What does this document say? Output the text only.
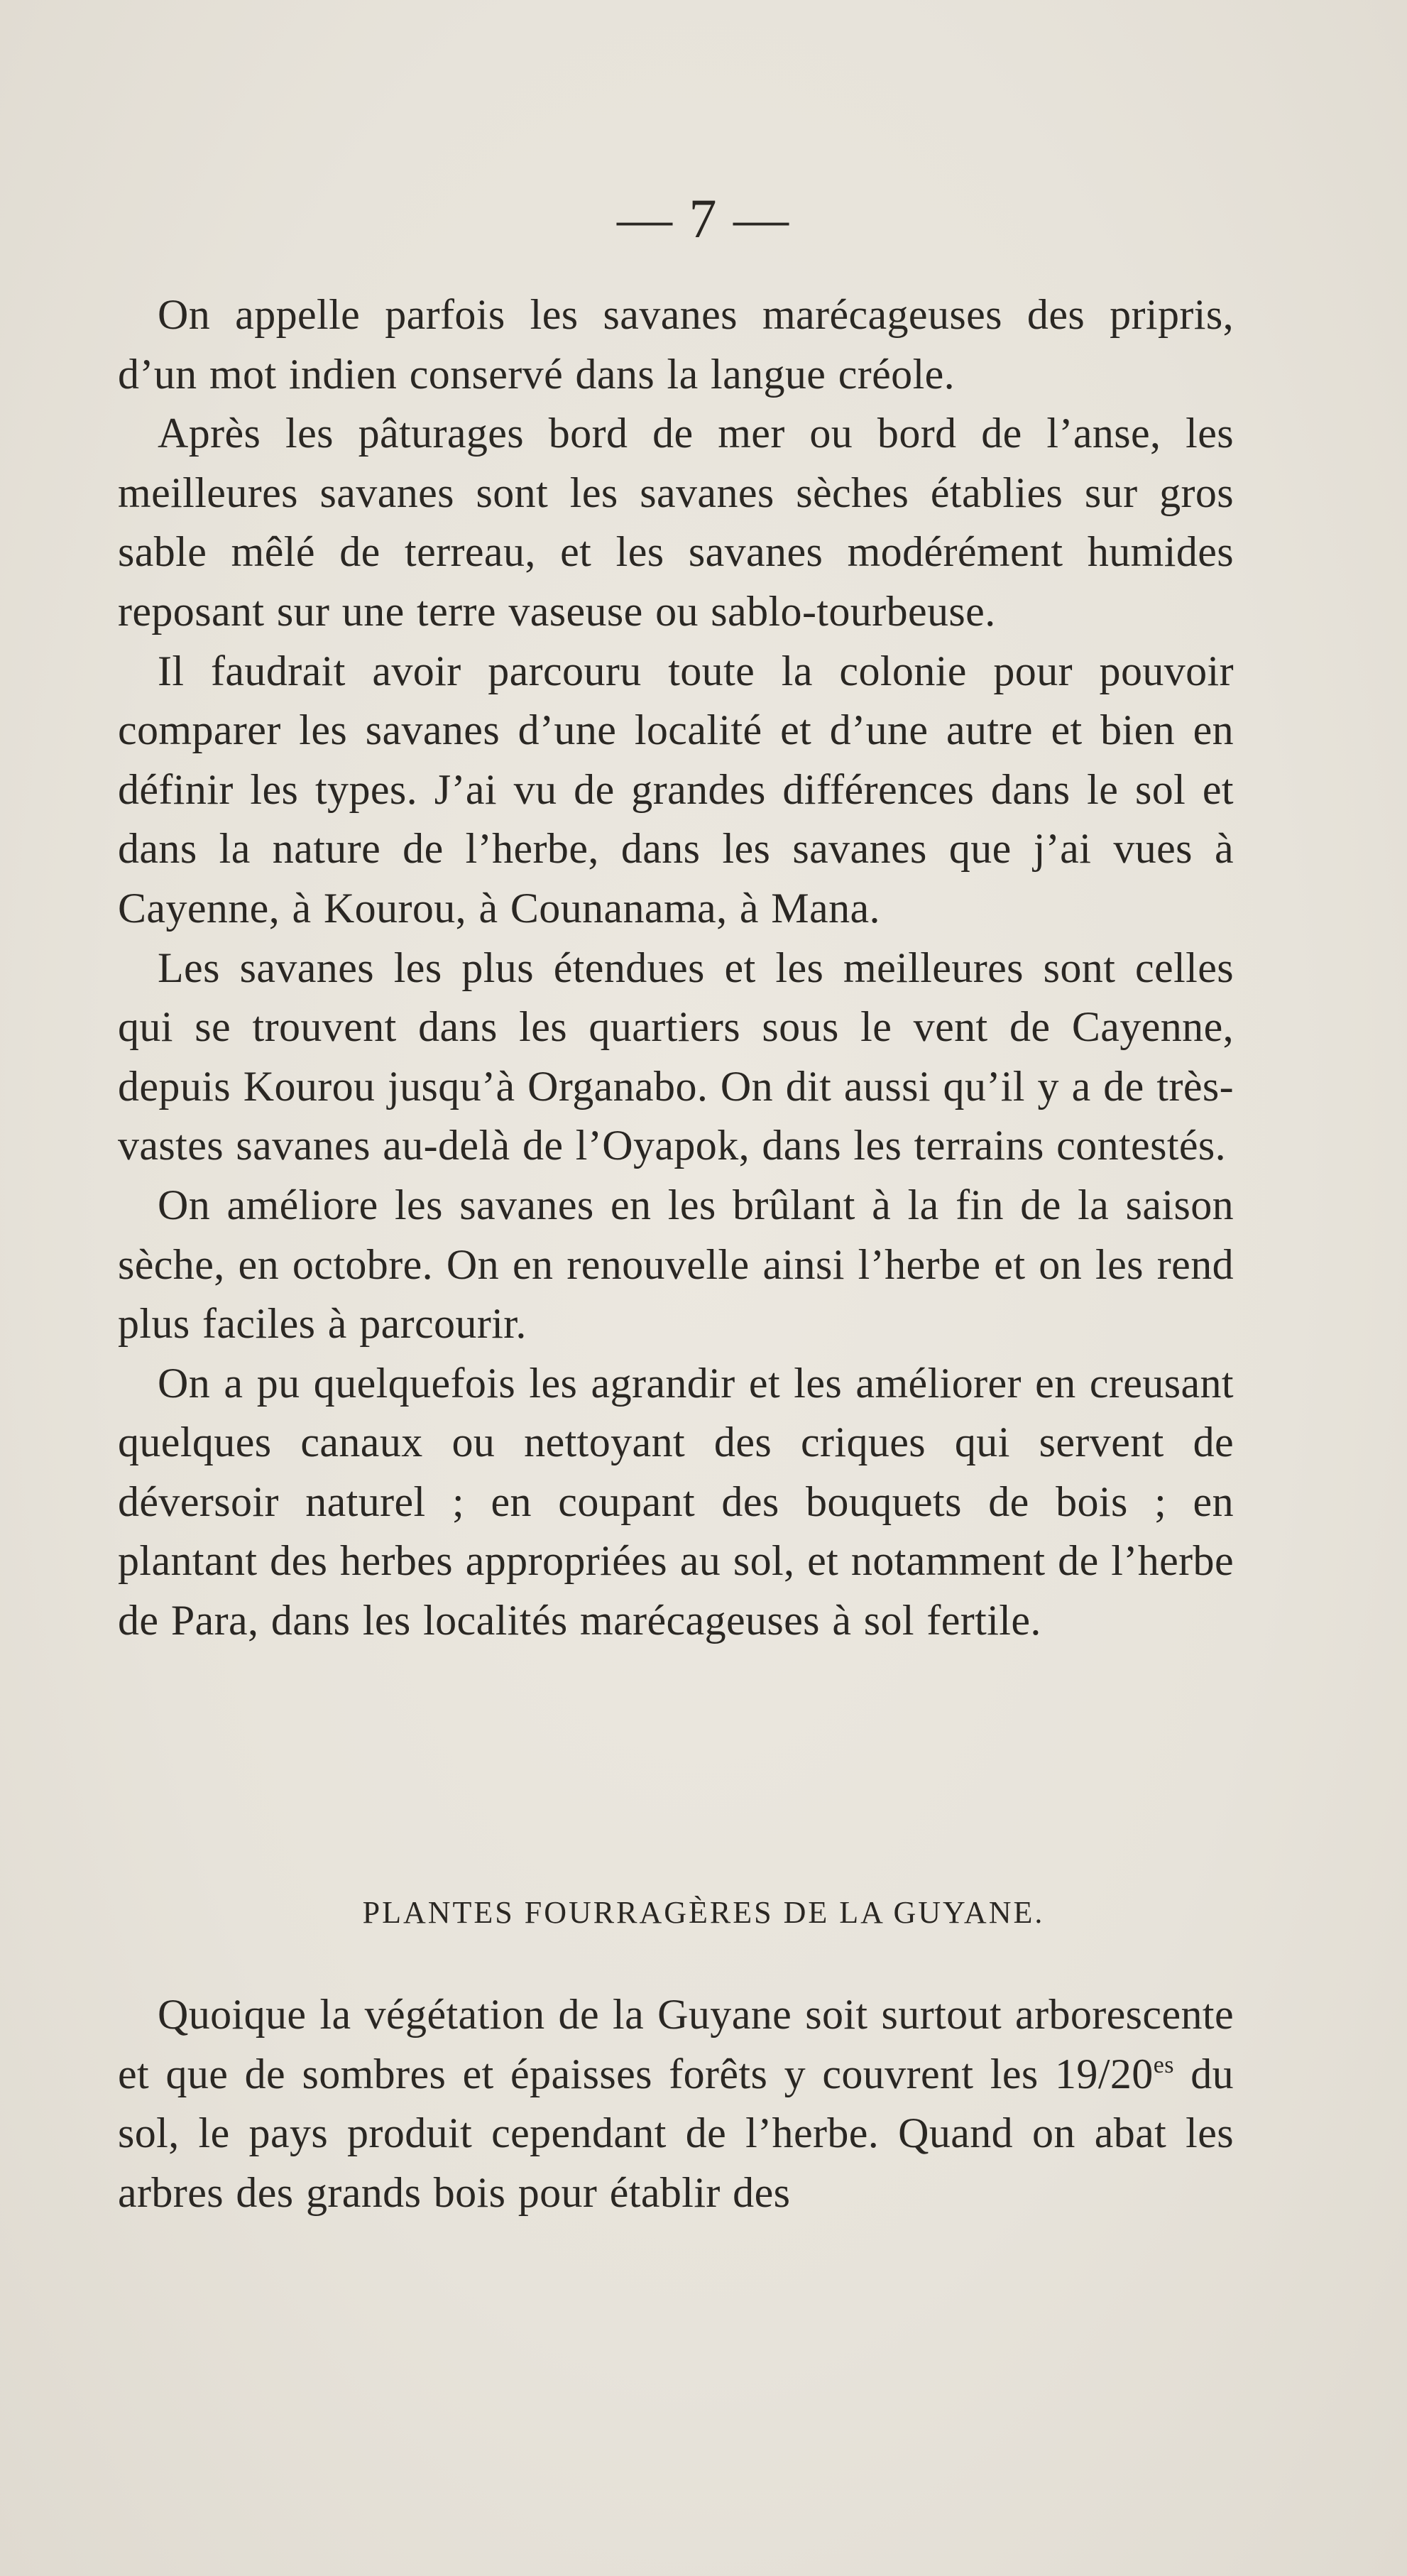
— 7 —

On appelle parfois les savanes marécageuses des pripris, d’un mot indien conservé dans la langue créole.

Après les pâturages bord de mer ou bord de l’anse, les meilleures savanes sont les savanes sèches établies sur gros sable mêlé de terreau, et les savanes modérément humides reposant sur une terre vaseuse ou sablo-tourbeuse.

Il faudrait avoir parcouru toute la colonie pour pouvoir comparer les savanes d’une localité et d’une autre et bien en définir les types. J’ai vu de grandes différences dans le sol et dans la nature de l’herbe, dans les savanes que j’ai vues à Cayenne, à Kourou, à Counanama, à Mana.

Les savanes les plus étendues et les meilleures sont celles qui se trouvent dans les quartiers sous le vent de Cayenne, depuis Kourou jusqu’à Organabo. On dit aussi qu’il y a de très-vastes savanes au-delà de l’Oyapok, dans les terrains contestés.

On améliore les savanes en les brûlant à la fin de la saison sèche, en octobre. On en renouvelle ainsi l’herbe et on les rend plus faciles à parcourir.

On a pu quelquefois les agrandir et les améliorer en creusant quelques canaux ou nettoyant des criques qui servent de déversoir naturel ; en coupant des bouquets de bois ; en plantant des herbes appropriées au sol, et notamment de l’herbe de Para, dans les localités marécageuses à sol fertile.

PLANTES FOURRAGÈRES DE LA GUYANE.

Quoique la végétation de la Guyane soit surtout arborescente et que de sombres et épaisses forêts y couvrent les $19/20^{es}$ du sol, le pays produit cependant de l’herbe. Quand on abat les arbres des grands bois pour établir des
